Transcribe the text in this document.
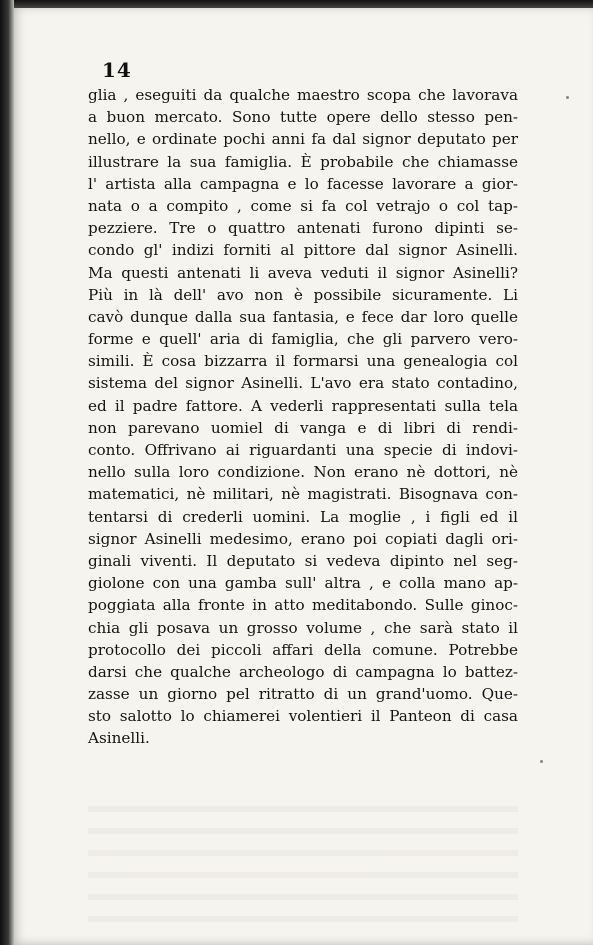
14
glia , eseguiti da qualche maestro scopa che lavorava
a buon mercato. Sono tutte opere dello stesso pen-
nello, e ordinate pochi anni fa dal signor deputato per
illustrare la sua famiglia. È probabile che chiamasse
l' artista alla campagna e lo facesse lavorare a gior-
nata o a compito , come si fa col vetrajo o col tap-
pezziere. Tre o quattro antenati furono dipinti se-
condo gl' indizi forniti al pittore dal signor Asinelli.
Ma questi antenati li aveva veduti il signor Asinelli?
Più in là dell' avo non è possibile sicuramente. Li
cavò dunque dalla sua fantasia, e fece dar loro quelle
forme e quell' aria di famiglia, che gli parvero vero-
simili. È cosa bizzarra il formarsi una genealogia col
sistema del signor Asinelli. L'avo era stato contadino,
ed il padre fattore. A vederli rappresentati sulla tela
non parevano uomiel di vanga e di libri di rendi-
conto. Offrivano ai riguardanti una specie di indovi-
nello sulla loro condizione. Non erano nè dottori, nè
matematici, nè militari, nè magistrati. Bisognava con-
tentarsi di crederli uomini. La moglie , i figli ed il
signor Asinelli medesimo, erano poi copiati dagli ori-
ginali viventi. Il deputato si vedeva dipinto nel seg-
giolone con una gamba sull' altra , e colla mano ap-
poggiata alla fronte in atto meditabondo. Sulle ginoc-
chia gli posava un grosso volume , che sarà stato il
protocollo dei piccoli affari della comune. Potrebbe
darsi che qualche archeologo di campagna lo battez-
zasse un giorno pel ritratto di un grand'uomo. Que-
sto salotto lo chiamerei volentieri il Panteon di casa
Asinelli.
